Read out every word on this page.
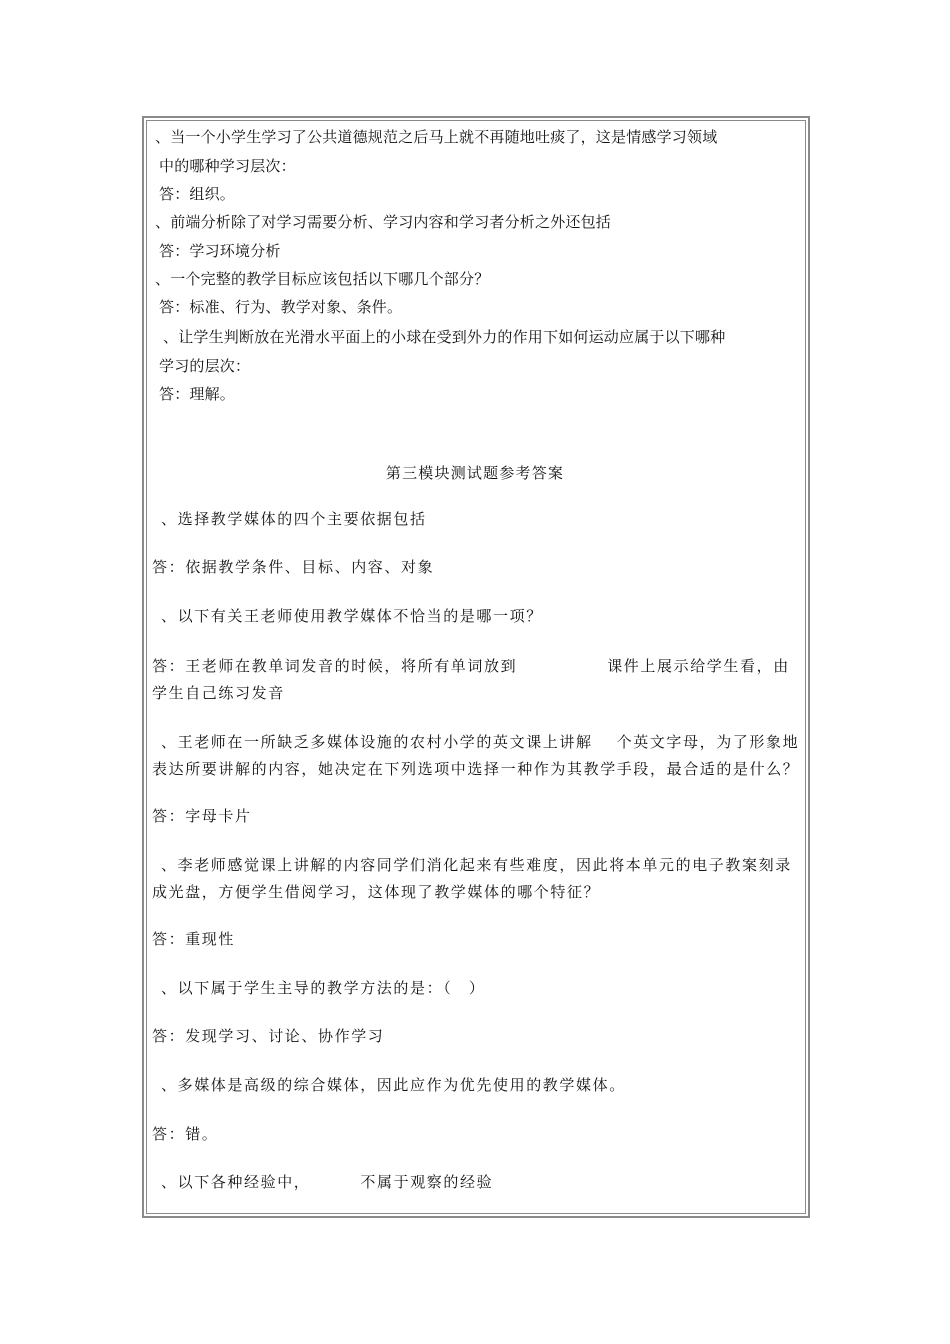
、当一个小学生学习了公共道德规范之后马上就不再随地吐痰了，这是情感学习领域
中的哪种学习层次：
答：组织。
、前端分析除了对学习需要分析、学习内容和学习者分析之外还包括
答：学习环境分析
、一个完整的教学目标应该包括以下哪几个部分？
答：标准、行为、教学对象、条件。
、让学生判断放在光滑水平面上的小球在受到外力的作用下如何运动应属于以下哪种
学习的层次：
答：理解。
第三模块测试题参考答案
、选择教学媒体的四个主要依据包括
答：依据教学条件、目标、内容、对象
、以下有关王老师使用教学媒体不恰当的是哪一项？
答：王老师在教单词发音的时候，将所有单词放到	课件上展示给学生看，由
学生自己练习发音
、王老师在一所缺乏多媒体设施的农村小学的英文课上讲解 个英文字母，为了形象地
表达所要讲解的内容，她决定在下列选项中选择一种作为其教学手段，最合适的是什么？
答：字母卡片
、李老师感觉课上讲解的内容同学们消化起来有些难度，因此将本单元的电子教案刻录
成光盘，方便学生借阅学习，这体现了教学媒体的哪个特征？
答：重现性
、以下属于学生主导的教学方法的是：（　）
答：发现学习、讨论、协作学习
、多媒体是高级的综合媒体，因此应作为优先使用的教学媒体。
答：错。
、以下各种经验中，	不属于观察的经验
